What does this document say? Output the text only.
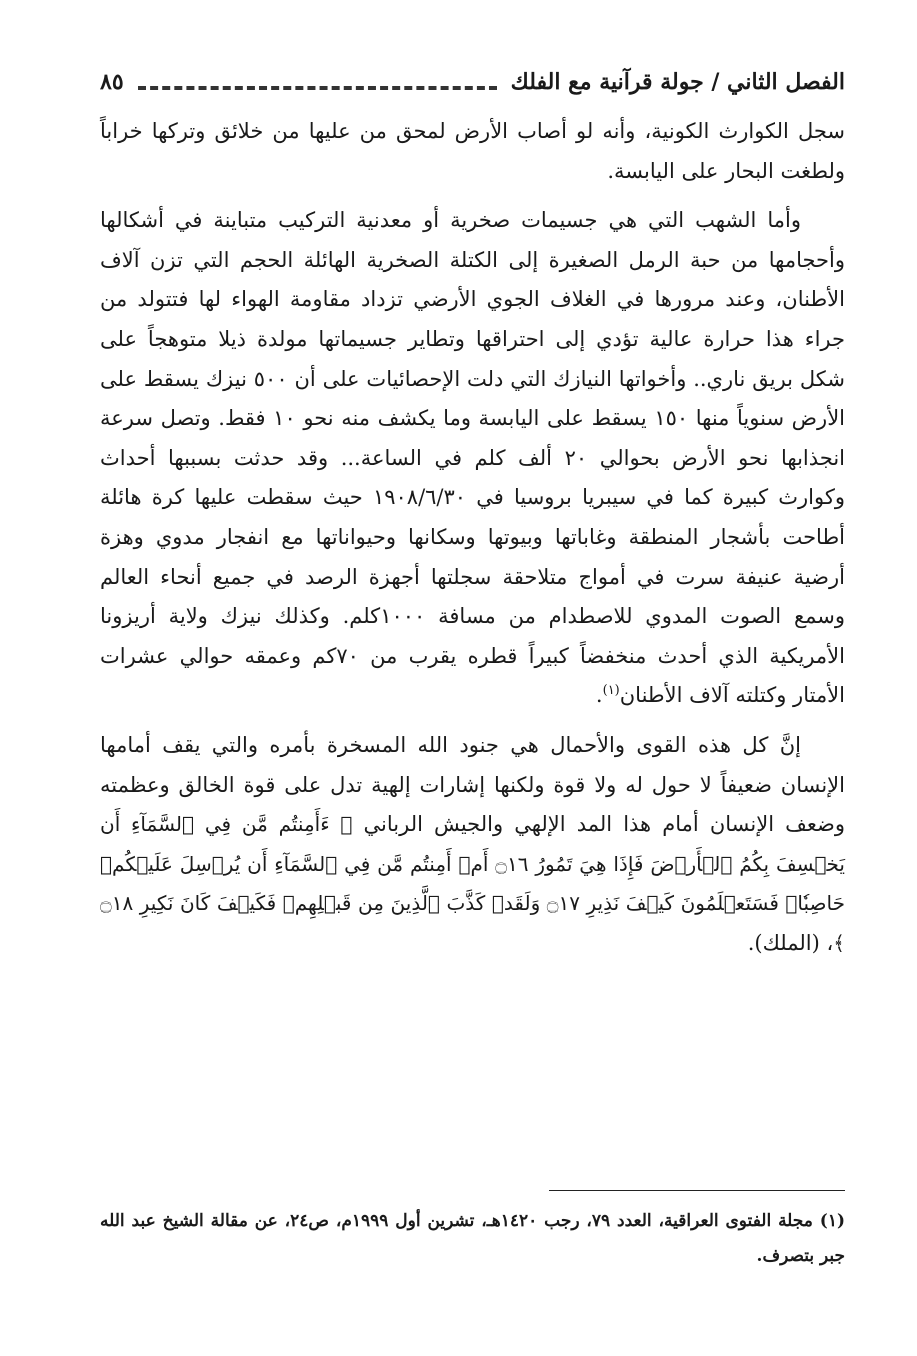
الفصل الثاني / جولة قرآنية مع الفلك
٨٥

سجل الكوارث الكونية، وأنه لو أصاب الأرض لمحق من عليها من خلائق وتركها خراباً ولطغت البحار على اليابسة.

وأما الشهب التي هي جسيمات صخرية أو معدنية التركيب متباينة في أشكالها وأحجامها من حبة الرمل الصغيرة إلى الكتلة الصخرية الهائلة الحجم التي تزن آلاف الأطنان، وعند مرورها في الغلاف الجوي الأرضي تزداد مقاومة الهواء لها فتتولد من جراء هذا حرارة عالية تؤدي إلى احتراقها وتطاير جسيماتها مولدة ذيلا متوهجاً على شكل بريق ناري.. وأخواتها النيازك التي دلت الإحصائيات على أن ٥٠٠ نيزك يسقط على الأرض سنوياً منها ١٥٠ يسقط على اليابسة وما يكشف منه نحو ١٠ فقط. وتصل سرعة انجذابها نحو الأرض بحوالي ٢٠ ألف كلم في الساعة... وقد حدثت بسببها أحداث وكوارث كبيرة كما في سيبريا بروسيا في ١٩٠٨/٦/٣٠ حيث سقطت عليها كرة هائلة أطاحت بأشجار المنطقة وغاباتها وبيوتها وسكانها وحيواناتها مع انفجار مدوي وهزة أرضية عنيفة سرت في أمواج متلاحقة سجلتها أجهزة الرصد في جميع أنحاء العالم وسمع الصوت المدوي للاصطدام من مسافة ١٠٠٠كلم. وكذلك نيزك ولاية أريزونا الأمريكية الذي أحدث منخفضاً كبيراً قطره يقرب من ٧٠كم وعمقه حوالي عشرات الأمتار وكتلته آلاف الأطنان$^{(١)}$.

إنَّ كل هذه القوى والأحمال هي جنود الله المسخرة بأمره والتي يقف أمامها الإنسان ضعيفاً لا حول له ولا قوة ولكنها إشارات إلهية تدل على قوة الخالق وعظمته وضعف الإنسان أمام هذا المد الإلهي والجيش الرباني ﴿ ءَأَمِنتُم مَّن فِي ٱلسَّمَآءِ أَن يَخۡسِفَ بِكُمُ ٱلۡأَرۡضَ فَإِذَا هِيَ تَمُورُ ۝١٦ أَمۡ أَمِنتُم مَّن فِي ٱلسَّمَآءِ أَن يُرۡسِلَ عَلَيۡكُمۡ حَاصِبٗاۖ فَسَتَعۡلَمُونَ كَيۡفَ نَذِيرِ ۝١٧ وَلَقَدۡ كَذَّبَ ٱلَّذِينَ مِن قَبۡلِهِمۡ فَكَيۡفَ كَانَ نَكِيرِ ۝١٨ ﴾، (الملك).

(١) مجلة الفتوى العراقية، العدد ٧٩، رجب ١٤٢٠هـ، تشرين أول ١٩٩٩م، ص٢٤، عن مقالة الشيخ عبد الله جبر بتصرف.
